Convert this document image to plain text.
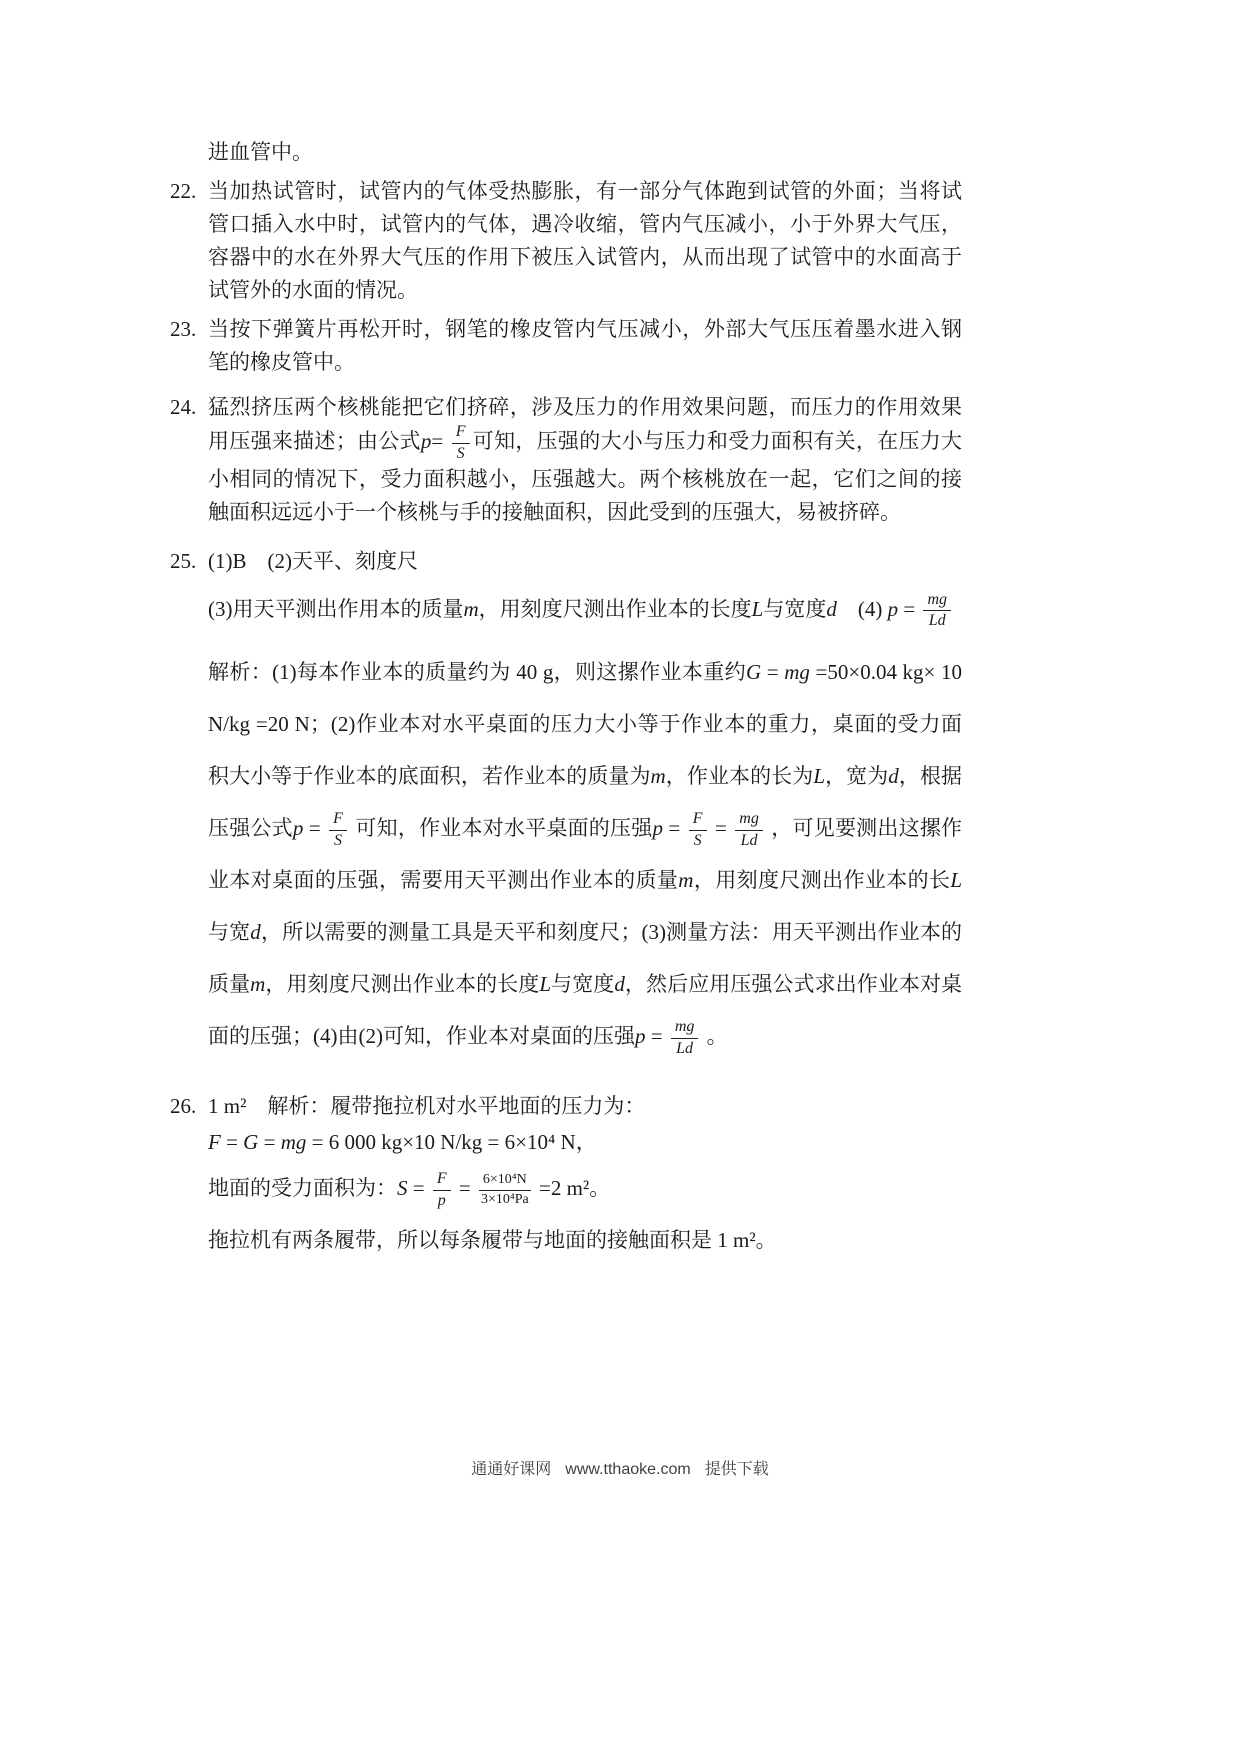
进血管中。
22. 当加热试管时，试管内的气体受热膨胀，有一部分气体跑到试管的外面；当将试管口插入水中时，试管内的气体，遇冷收缩，管内气压减小，小于外界大气压，容器中的水在外界大气压的作用下被压入试管内，从而出现了试管中的水面高于试管外的水面的情况。
23. 当按下弹簧片再松开时，钢笔的橡皮管内气压减小，外部大气压压着墨水进入钢笔的橡皮管中。
24. 猛烈挤压两个核桃能把它们挤碎，涉及压力的作用效果问题，而压力的作用效果用压强来描述；由公式$p= \frac{F}{S}$ 可知，压强的大小与压力和受力面积有关，在压力大小相同的情况下，受力面积越小，压强越大。两个核桃放在一起，它们之间的接触面积远远小于一个核桃与手的接触面积，因此受到的压强大，易被挤碎。
25. (1)B　(2)天平、刻度尺
(3)用天平测出作用本的质量m，用刻度尺测出作业本的长度L与宽度d　(4) $p = \frac{mg}{Ld}$
解析：(1)每本作业本的质量约为 40 g，则这摞作业本重约G = mg =50×0.04 kg× 10 N/kg =20 N；(2)作业本对水平桌面的压力大小等于作业本的重力，桌面的受力面积大小等于作业本的底面积，若作业本的质量为m，作业本的长为L，宽为d，根据压强公式$p = \frac{F}{S}$ 可知，作业本对水平桌面的压强$p = \frac{F}{S} = \frac{mg}{Ld}$ ，可见要测出这摞作业本对桌面的压强，需要用天平测出作业本的质量m，用刻度尺测出作业本的长L与宽d，所以需要的测量工具是天平和刻度尺；(3)测量方法：用天平测出作业本的质量m，用刻度尺测出作业本的长度L与宽度d，然后应用压强公式求出作业本对桌面的压强；(4)由(2)可知，作业本对桌面的压强$p = \frac{mg}{Ld}$ 。
26. 1 m²　解析：履带拖拉机对水平地面的压力为：
F = G = mg = 6 000 kg×10 N/kg = 6×10⁴ N，
地面的受力面积为：$S = \frac{F}{p} = \frac{\text{6×10⁴N}}{\text{3×10⁴Pa}} =2$ m²。
拖拉机有两条履带，所以每条履带与地面的接触面积是 1 m²。
通通好课网 www.tthaoke.com 提供下载
